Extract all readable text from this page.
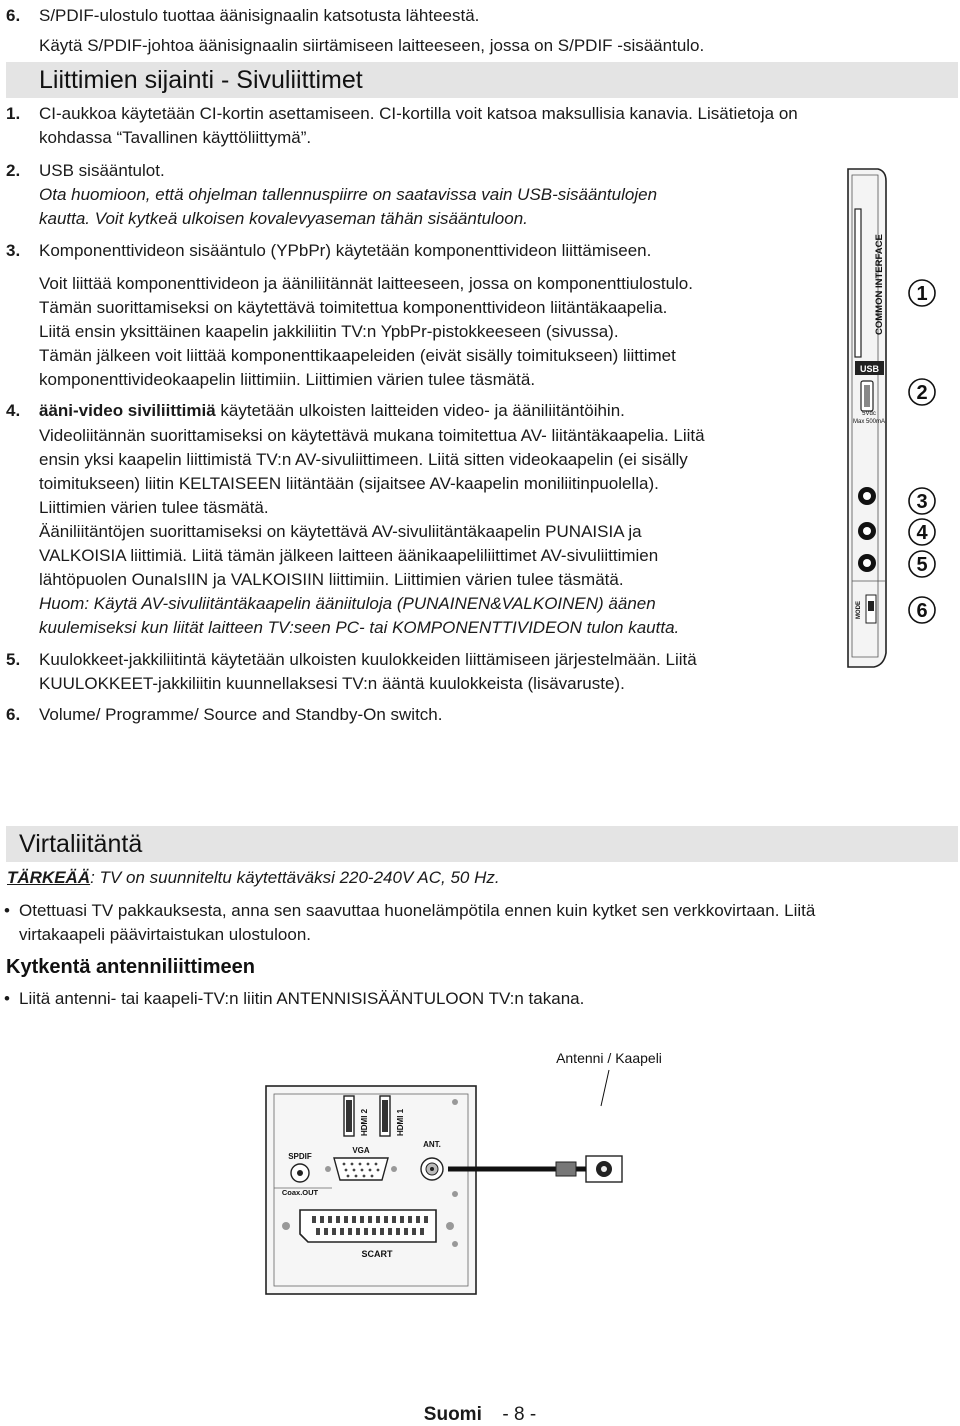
6. S/PDIF-ulostulo tuottaa äänisignaalin katsotusta lähteestä.
Käytä S/PDIF-johtoa äänisignaalin siirtämiseen laitteeseen, jossa on S/PDIF -sisääntulo.
Liittimien sijainti - Sivuliittimet
1. CI-aukkoa käytetään CI-kortin asettamiseen. CI-kortilla voit katsoa maksullisia kanavia. Lisätietoja on
kohdassa “Tavallinen käyttöliittymä”.
2. USB sisääntulot.
Ota huomioon, että ohjelman tallennuspiirre on saatavissa vain USB-sisääntulojen
kautta. Voit kytkeä ulkoisen kovalevyaseman tähän sisääntuloon.
3. Komponenttivideon sisääntulo (YPbPr) käytetään komponenttivideon liittämiseen.
Voit liittää komponenttivideon ja ääniliitännät laitteeseen, jossa on komponenttiulostulo.
Tämän suorittamiseksi on käytettävä toimitettua komponenttivideon liitäntäkaapelia.
Liitä ensin yksittäinen kaapelin jakkiliitin TV:n YpbPr-pistokkeeseen (sivussa).
Tämän jälkeen voit liittää komponenttikaapeleiden (eivät sisälly toimitukseen) liittimet
komponenttivideokaapelin liittimiin. Liittimien värien tulee täsmätä.
4. ääni-video siviliittimiä käytetään ulkoisten laitteiden video- ja ääniliitäntöihin.
Videoliitännän suorittamiseksi on käytettävä mukana toimitettua AV- liitäntäkaapelia. Liitä
ensin yksi kaapelin liittimistä TV:n AV-sivuliittimeen. Liitä sitten videokaapelin (ei sisälly
toimitukseen) liitin KELTAISEEN liitäntään (sijaitsee AV-kaapelin moniliitinpuolella).
Liittimien värien tulee täsmätä.
Ääniliitäntöjen suorittamiseksi on käytettävä AV-sivuliitäntäkaapelin PUNAISIA ja
VALKOISIA liittimiä. Liitä tämän jälkeen laitteen äänikaapeliliittimet AV-sivuliittimien
lähtöpuolen OunaIsIIN ja VALKOISIIN liittimiin. Liittimien värien tulee täsmätä.
Huom: Käytä AV-sivuliitäntäkaapelin ääniituloja (PUNAINEN&VALKOINEN) äänen
kuulemiseksi kun liität laitteen TV:seen PC- tai KOMPONENTTIVIDEON tulon kautta.
5. Kuulokkeet-jakkiliitintä käytetään ulkoisten kuulokkeiden liittämiseen järjestelmään. Liitä
KUULOKKEET-jakkiliitin kuunnellaksesi TV:n ääntä kuulokkeista (lisävaruste).
6. Volume/ Programme/ Source and Standby-On switch.
COMMON INTERFACE
USB
5Vdc
Max 500mA
MODE
1
2
3
4
5
6
Virtaliitäntä
TÄRKEÄÄ: TV on suunniteltu käytettäväksi 220-240V AC, 50 Hz.
• Otettuasi TV pakkauksesta, anna sen saavuttaa huonelämpötila ennen kuin kytket sen verkkovirtaan. Liitä
virtakaapeli päävirtaistukan ulostuloon.
Kytkentä antenniliittimeen
• Liitä antenni- tai kaapeli-TV:n liitin ANTENNISISÄÄNTULOON TV:n takana.
Antenni / Kaapeli
HDMI 2	HDMI 1
VGA
SPDIF
Coax.OUT
ANT.
SCART
Suomi - 8 -
